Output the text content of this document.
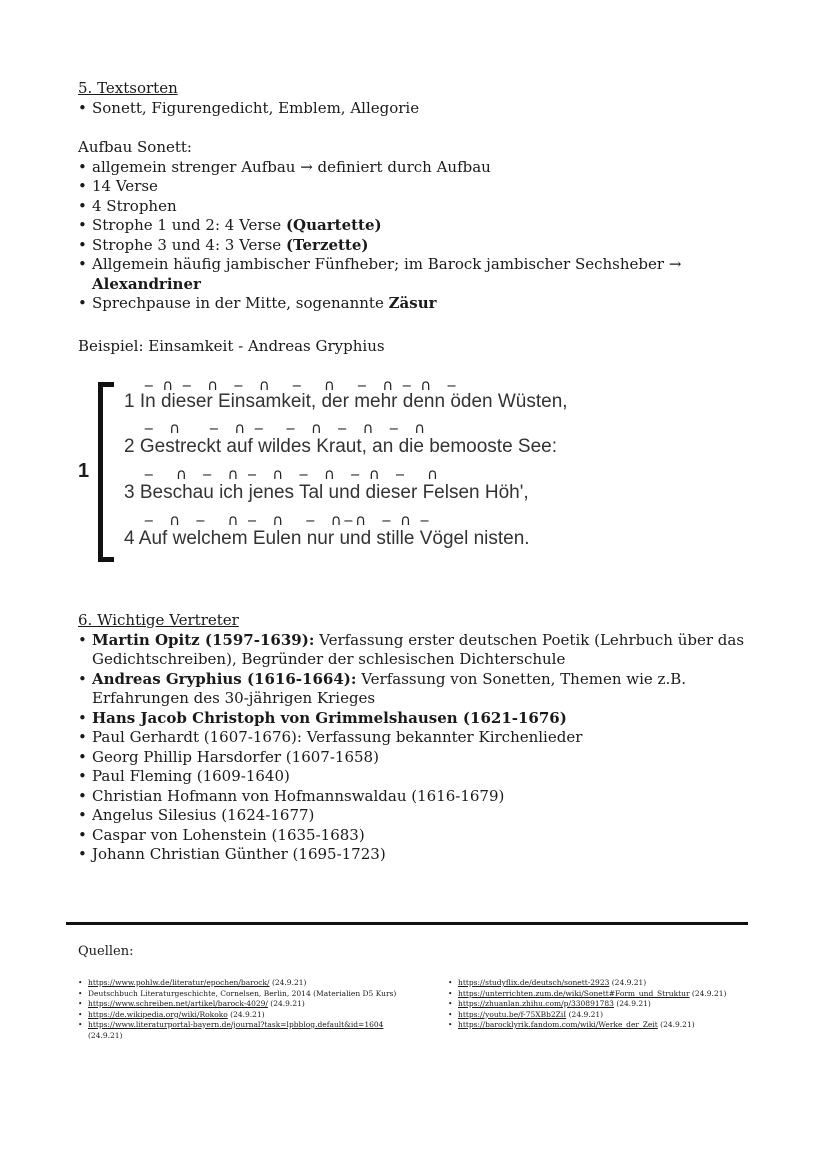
5. Textsorten
• Sonett, Figurengedicht, Emblem, Allegorie
Aufbau Sonett:
• allgemein strenger Aufbau → definiert durch Aufbau
• 14 Verse
• 4 Strophen
• Strophe 1 und 2: 4 Verse (Quartette)
• Strophe 3 und 4: 3 Verse (Terzette)
• Allgemein häufig jambischer Fünfheber; im Barock jambischer Sechsheber →
Alexandriner
• Sprechpause in der Mitte, sogenannte Zäsur
Beispiel: Einsamkeit - Andreas Gryphius
1
‒ ∩ ‒  ∩  ‒  ∩   ‒   ∩   ‒  ∩ ‒ ∩  ‒
1 In dieser Einsamkeit, der mehr denn öden Wüsten,
‒  ∩    ‒  ∩ ‒   ‒  ∩  ‒  ∩  ‒  ∩
2 Gestreckt auf wildes Kraut, an die bemooste See:
‒   ∩  ‒  ∩ ‒  ∩  ‒  ∩  ‒ ∩  ‒   ∩
3 Beschau ich jenes Tal und dieser Felsen Höh',
‒  ∩  ‒   ∩ ‒  ∩   ‒  ∩‒∩  ‒ ∩ ‒
4 Auf welchem Eulen nur und stille Vögel nisten.
6. Wichtige Vertreter
• Martin Opitz (1597-1639): Verfassung erster deutschen Poetik (Lehrbuch über das Gedichtschreiben), Begründer der schlesischen Dichterschule
• Andreas Gryphius (1616-1664): Verfassung von Sonetten, Themen wie z.B. Erfahrungen des 30-jährigen Krieges
• Hans Jacob Christoph von Grimmelshausen (1621-1676)
• Paul Gerhardt (1607-1676): Verfassung bekannter Kirchenlieder
• Georg Phillip Harsdorfer (1607-1658)
• Paul Fleming (1609-1640)
• Christian Hofmann von Hofmannswaldau (1616-1679)
• Angelus Silesius (1624-1677)
• Caspar von Lohenstein (1635-1683)
• Johann Christian Günther (1695-1723)
Quellen:
• https://www.pohlw.de/literatur/epochen/barock/ (24.9.21)
• Deutschbuch Literaturgeschichte, Cornelsen, Berlin, 2014 (Materialien D5 Kurs)
• https://www.schreiben.net/artikel/barock-4029/ (24.9.21)
• https://de.wikipedia.org/wiki/Rokoko (24.9.21)
• https://www.literaturportal-bayern.de/journal?task=lpbblog.default&id=1604
(24.9.21)
• https://studyflix.de/deutsch/sonett-2923 (24.9.21)
• https://unterrichten.zum.de/wiki/Sonett#Form_und_Struktur (24.9.21)
• https://zhuanlan.zhihu.com/p/330891783 (24.9.21)
• https://youtu.be/f-75XBb2ZiI (24.9.21)
• https://barocklyrik.fandom.com/wiki/Werke_der_Zeit (24.9.21)
